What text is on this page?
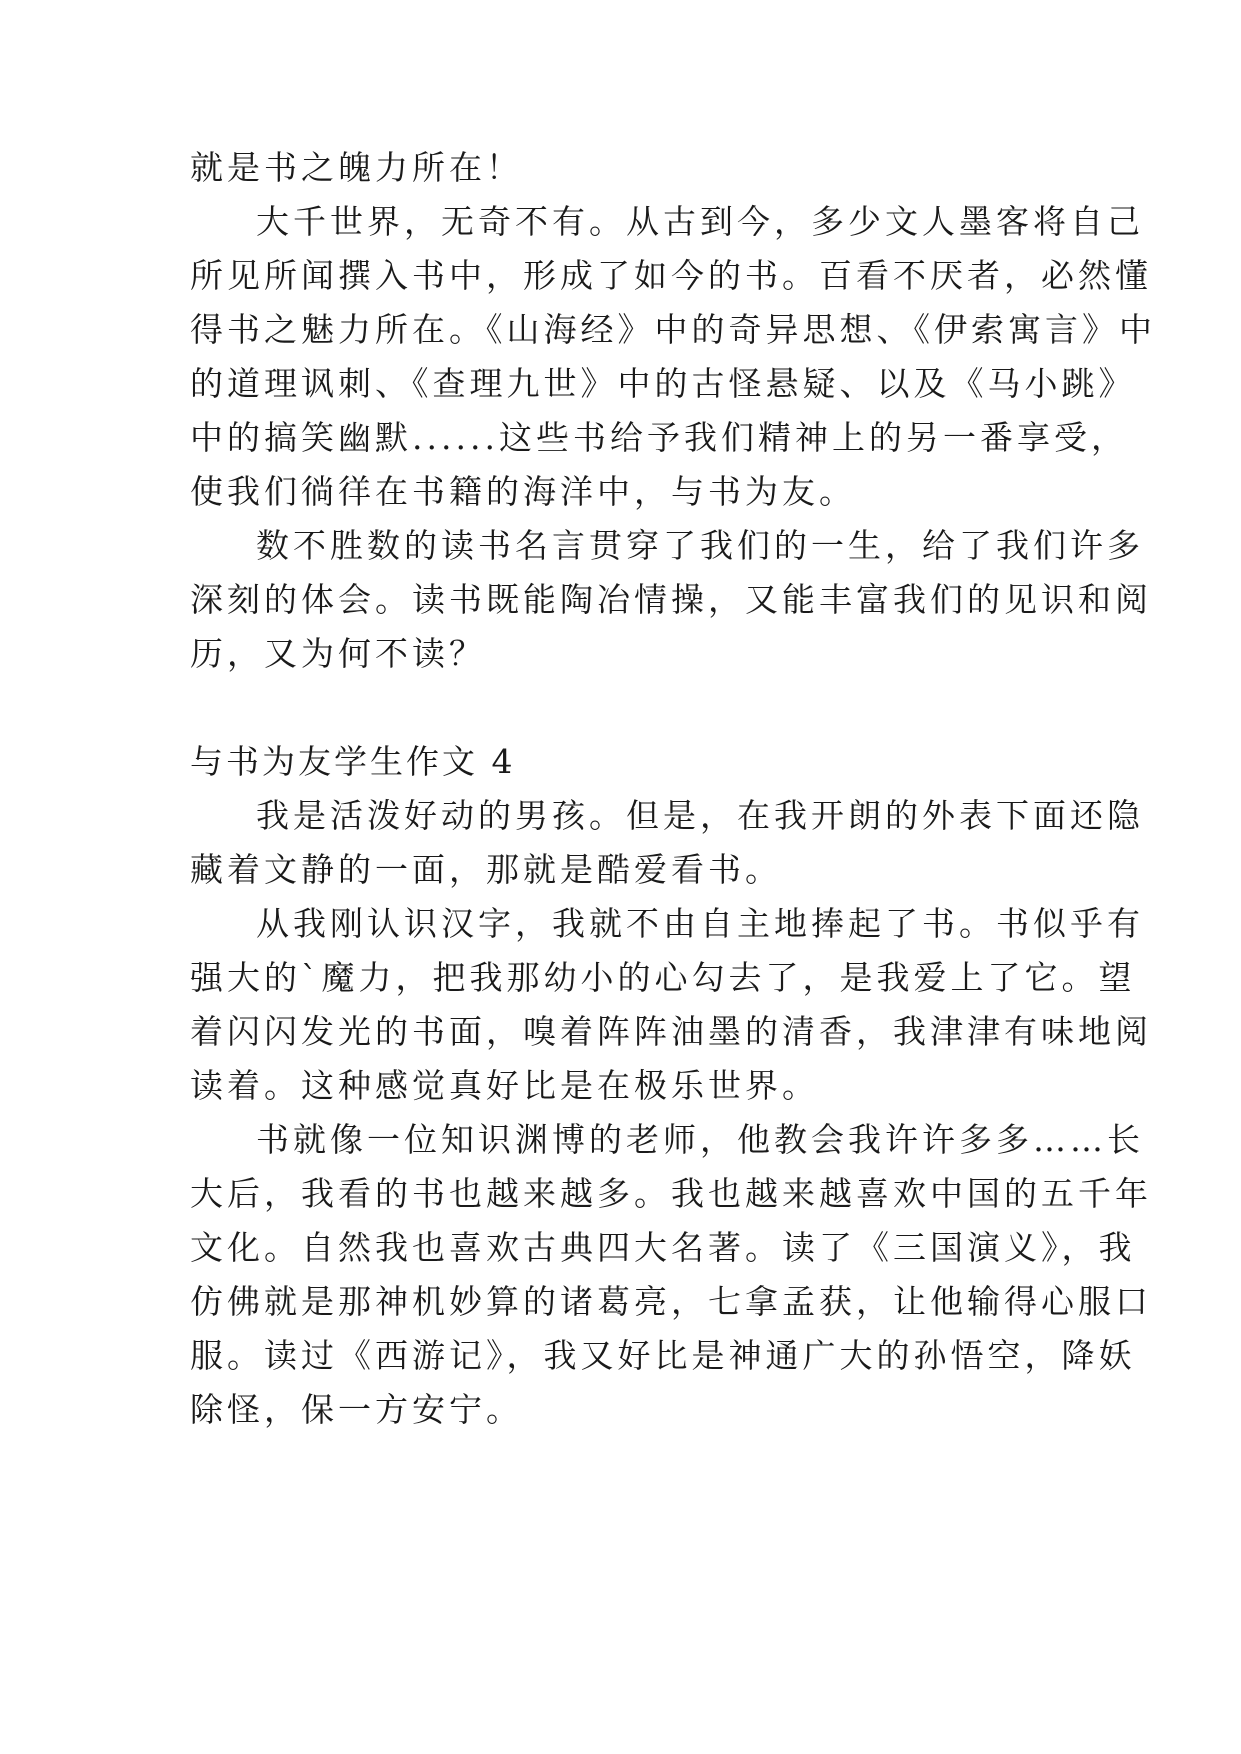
就是书之魄力所在！
大千世界，无奇不有。从古到今，多少文人墨客将自己
所见所闻撰入书中，形成了如今的书。百看不厌者，必然懂
得书之魅力所在。《山海经》中的奇异思想、《伊索寓言》中
的道理讽刺、《查理九世》中的古怪悬疑、以及《马小跳》
中的搞笑幽默......这些书给予我们精神上的另一番享受，
使我们徜徉在书籍的海洋中，与书为友。
数不胜数的读书名言贯穿了我们的一生，给了我们许多
深刻的体会。读书既能陶冶情操，又能丰富我们的见识和阅
历，又为何不读？
与书为友学生作文 4
我是活泼好动的男孩。但是，在我开朗的外表下面还隐
藏着文静的一面，那就是酷爱看书。
从我刚认识汉字，我就不由自主地捧起了书。书似乎有
强大的`魔力，把我那幼小的心勾去了，是我爱上了它。望
着闪闪发光的书面，嗅着阵阵油墨的清香，我津津有味地阅
读着。这种感觉真好比是在极乐世界。
书就像一位知识渊博的老师，他教会我许许多多……长
大后，我看的书也越来越多。我也越来越喜欢中国的五千年
文化。自然我也喜欢古典四大名著。读了《三国演义》，我
仿佛就是那神机妙算的诸葛亮，七拿孟获，让他输得心服口
服。读过《西游记》，我又好比是神通广大的孙悟空，降妖
除怪，保一方安宁。
